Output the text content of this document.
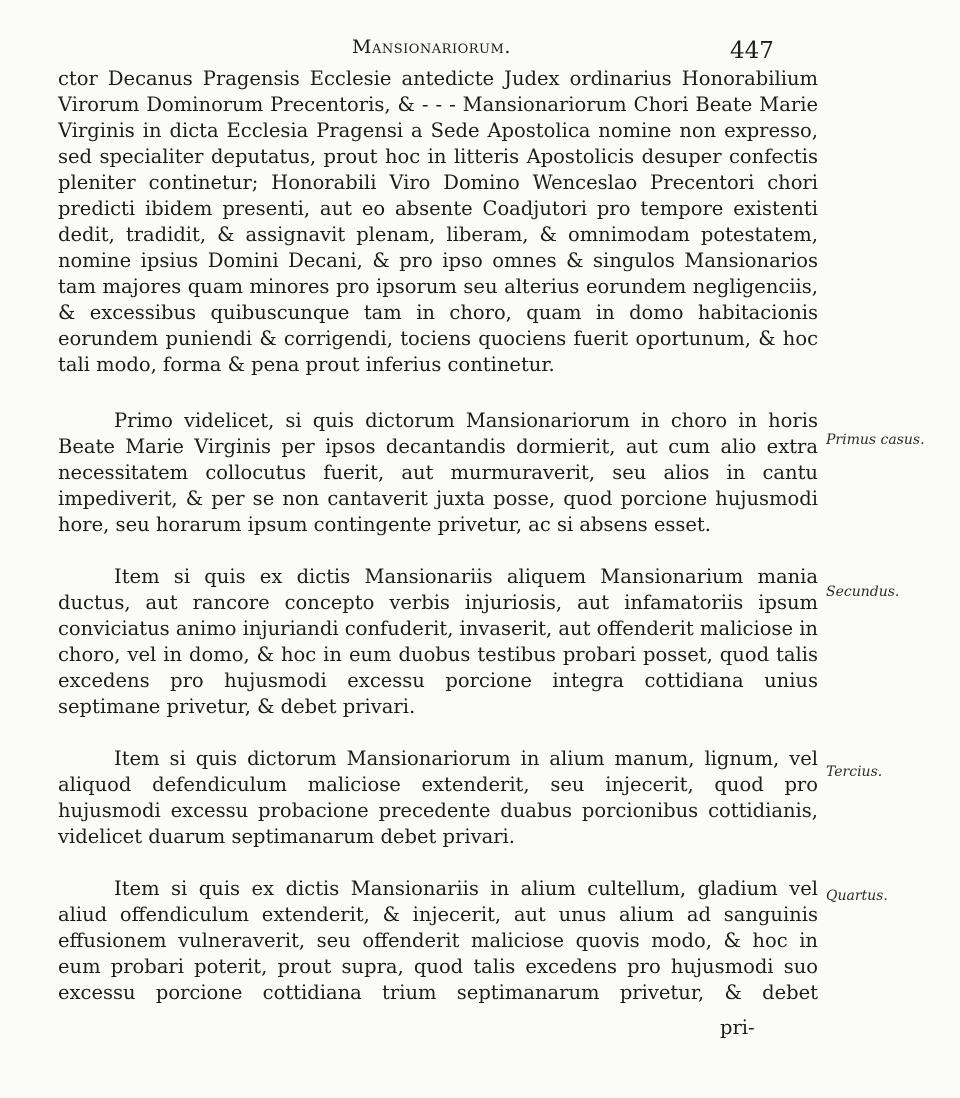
Mansionariorum.	447

ctor Decanus Pragensis Ecclesie antedicte Judex ordinarius Honorabilium Virorum Dominorum Precentoris, & - - - Mansionariorum Chori Beate Marie Virginis in dicta Ecclesia Pragensi a Sede Apostolica nomine non expresso, sed specialiter deputatus, prout hoc in litteris Apostolicis desuper confectis pleniter continetur; Honorabili Viro Domino Wenceslao Precentori chori predicti ibidem presenti, aut eo absente Coadjutori pro tempore existenti dedit, tradidit, & assignavit plenam, liberam, & omnimodam potestatem, nomine ipsius Domini Decani, & pro ipso omnes & singulos Mansionarios tam majores quam minores pro ipsorum seu alterius eorundem negligenciis, & excessibus quibuscunque tam in choro, quam in domo habitacionis eorundem puniendi & corrigendi, tociens quociens fuerit oportunum, & hoc tali modo, forma & pena prout inferius continetur.

Primo videlicet, si quis dictorum Mansionariorum in choro in horis Beate Marie Virginis per ipsos decantandis dormierit, aut cum alio extra necessitatem collocutus fuerit, aut murmuraverit, seu alios in cantu impediverit, & per se non cantaverit juxta posse, quod porcione hujusmodi hore, seu horarum ipsum contingente privetur, ac si absens esset.

Item si quis ex dictis Mansionariis aliquem Mansionarium mania ductus, aut rancore concepto verbis injuriosis, aut infamatoriis ipsum conviciatus animo injuriandi confuderit, invaserit, aut offenderit maliciose in choro, vel in domo, & hoc in eum duobus testibus probari posset, quod talis excedens pro hujusmodi excessu porcione integra cottidiana unius septimane privetur, & debet privari.

Item si quis dictorum Mansionariorum in alium manum, lignum, vel aliquod defendiculum maliciose extenderit, seu injecerit, quod pro hujusmodi excessu probacione precedente duabus porcionibus cottidianis, videlicet duarum septimanarum debet privari.

Item si quis ex dictis Mansionariis in alium cultellum, gladium vel aliud offendiculum extenderit, & injecerit, aut unus alium ad sanguinis effusionem vulneraverit, seu offenderit maliciose quovis modo, & hoc in eum probari poterit, prout supra, quod talis excedens pro hujusmodi suo excessu porcione cottidiana trium septimanarum privetur, & debet

Primus casus.
Secundus.
Tercius.
Quartus.
pri-
